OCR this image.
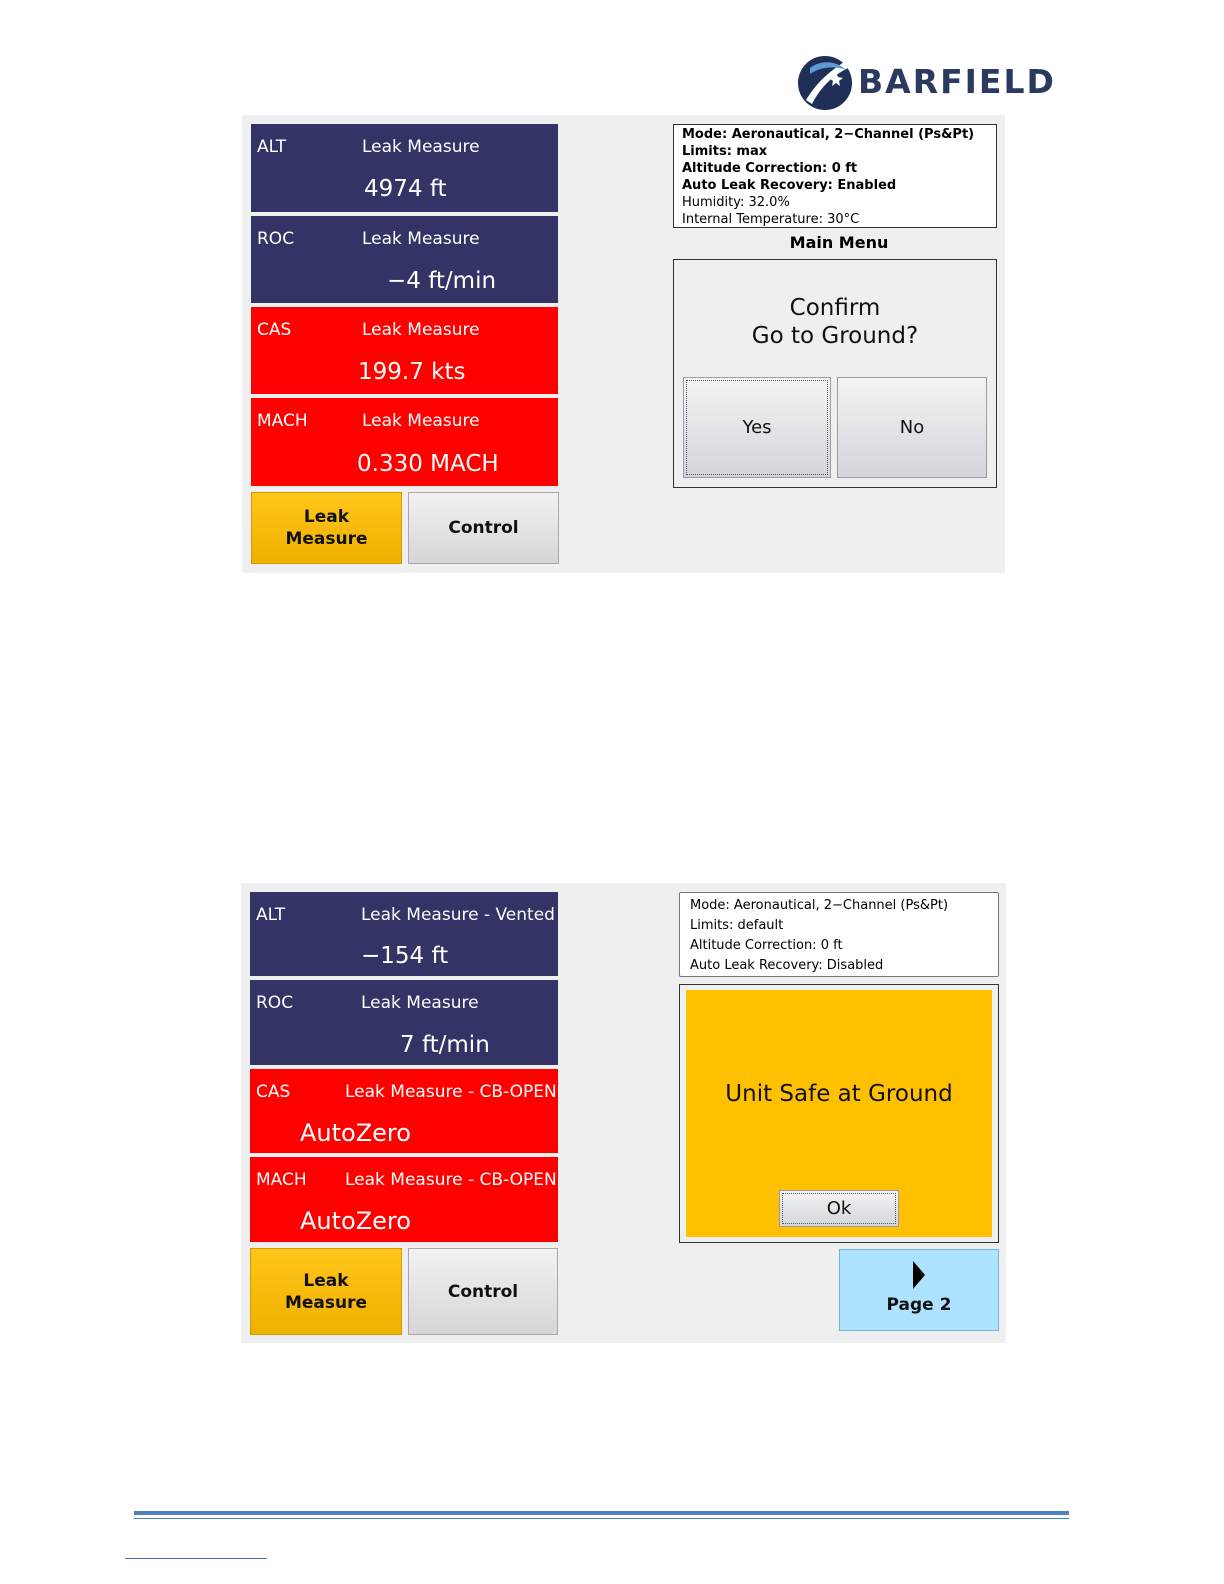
BARFIELD
ALT	Leak Measure
4974 ft
ROC	Leak Measure
−4 ft/min
CAS	Leak Measure
199.7 kts
MACH	Leak Measure
0.330 MACH
Leak
Measure
Control
Mode: Aeronautical, 2−Channel (Ps&Pt)
Limits: max
Altitude Correction: 0 ft
Auto Leak Recovery: Enabled
Humidity: 32.0%
Internal Temperature: 30°C
Main Menu
Confirm
Go to Ground?
Yes	No
ALT	Leak Measure - Vented
−154 ft
ROC	Leak Measure
7 ft/min
CAS	Leak Measure - CB-OPEN
AutoZero
MACH Leak Measure - CB-OPEN
AutoZero
Leak
Measure
Control
Mode: Aeronautical, 2−Channel (Ps&Pt)
Limits: default
Altitude Correction: 0 ft
Auto Leak Recovery: Disabled
Unit Safe at Ground
Ok
Page 2
